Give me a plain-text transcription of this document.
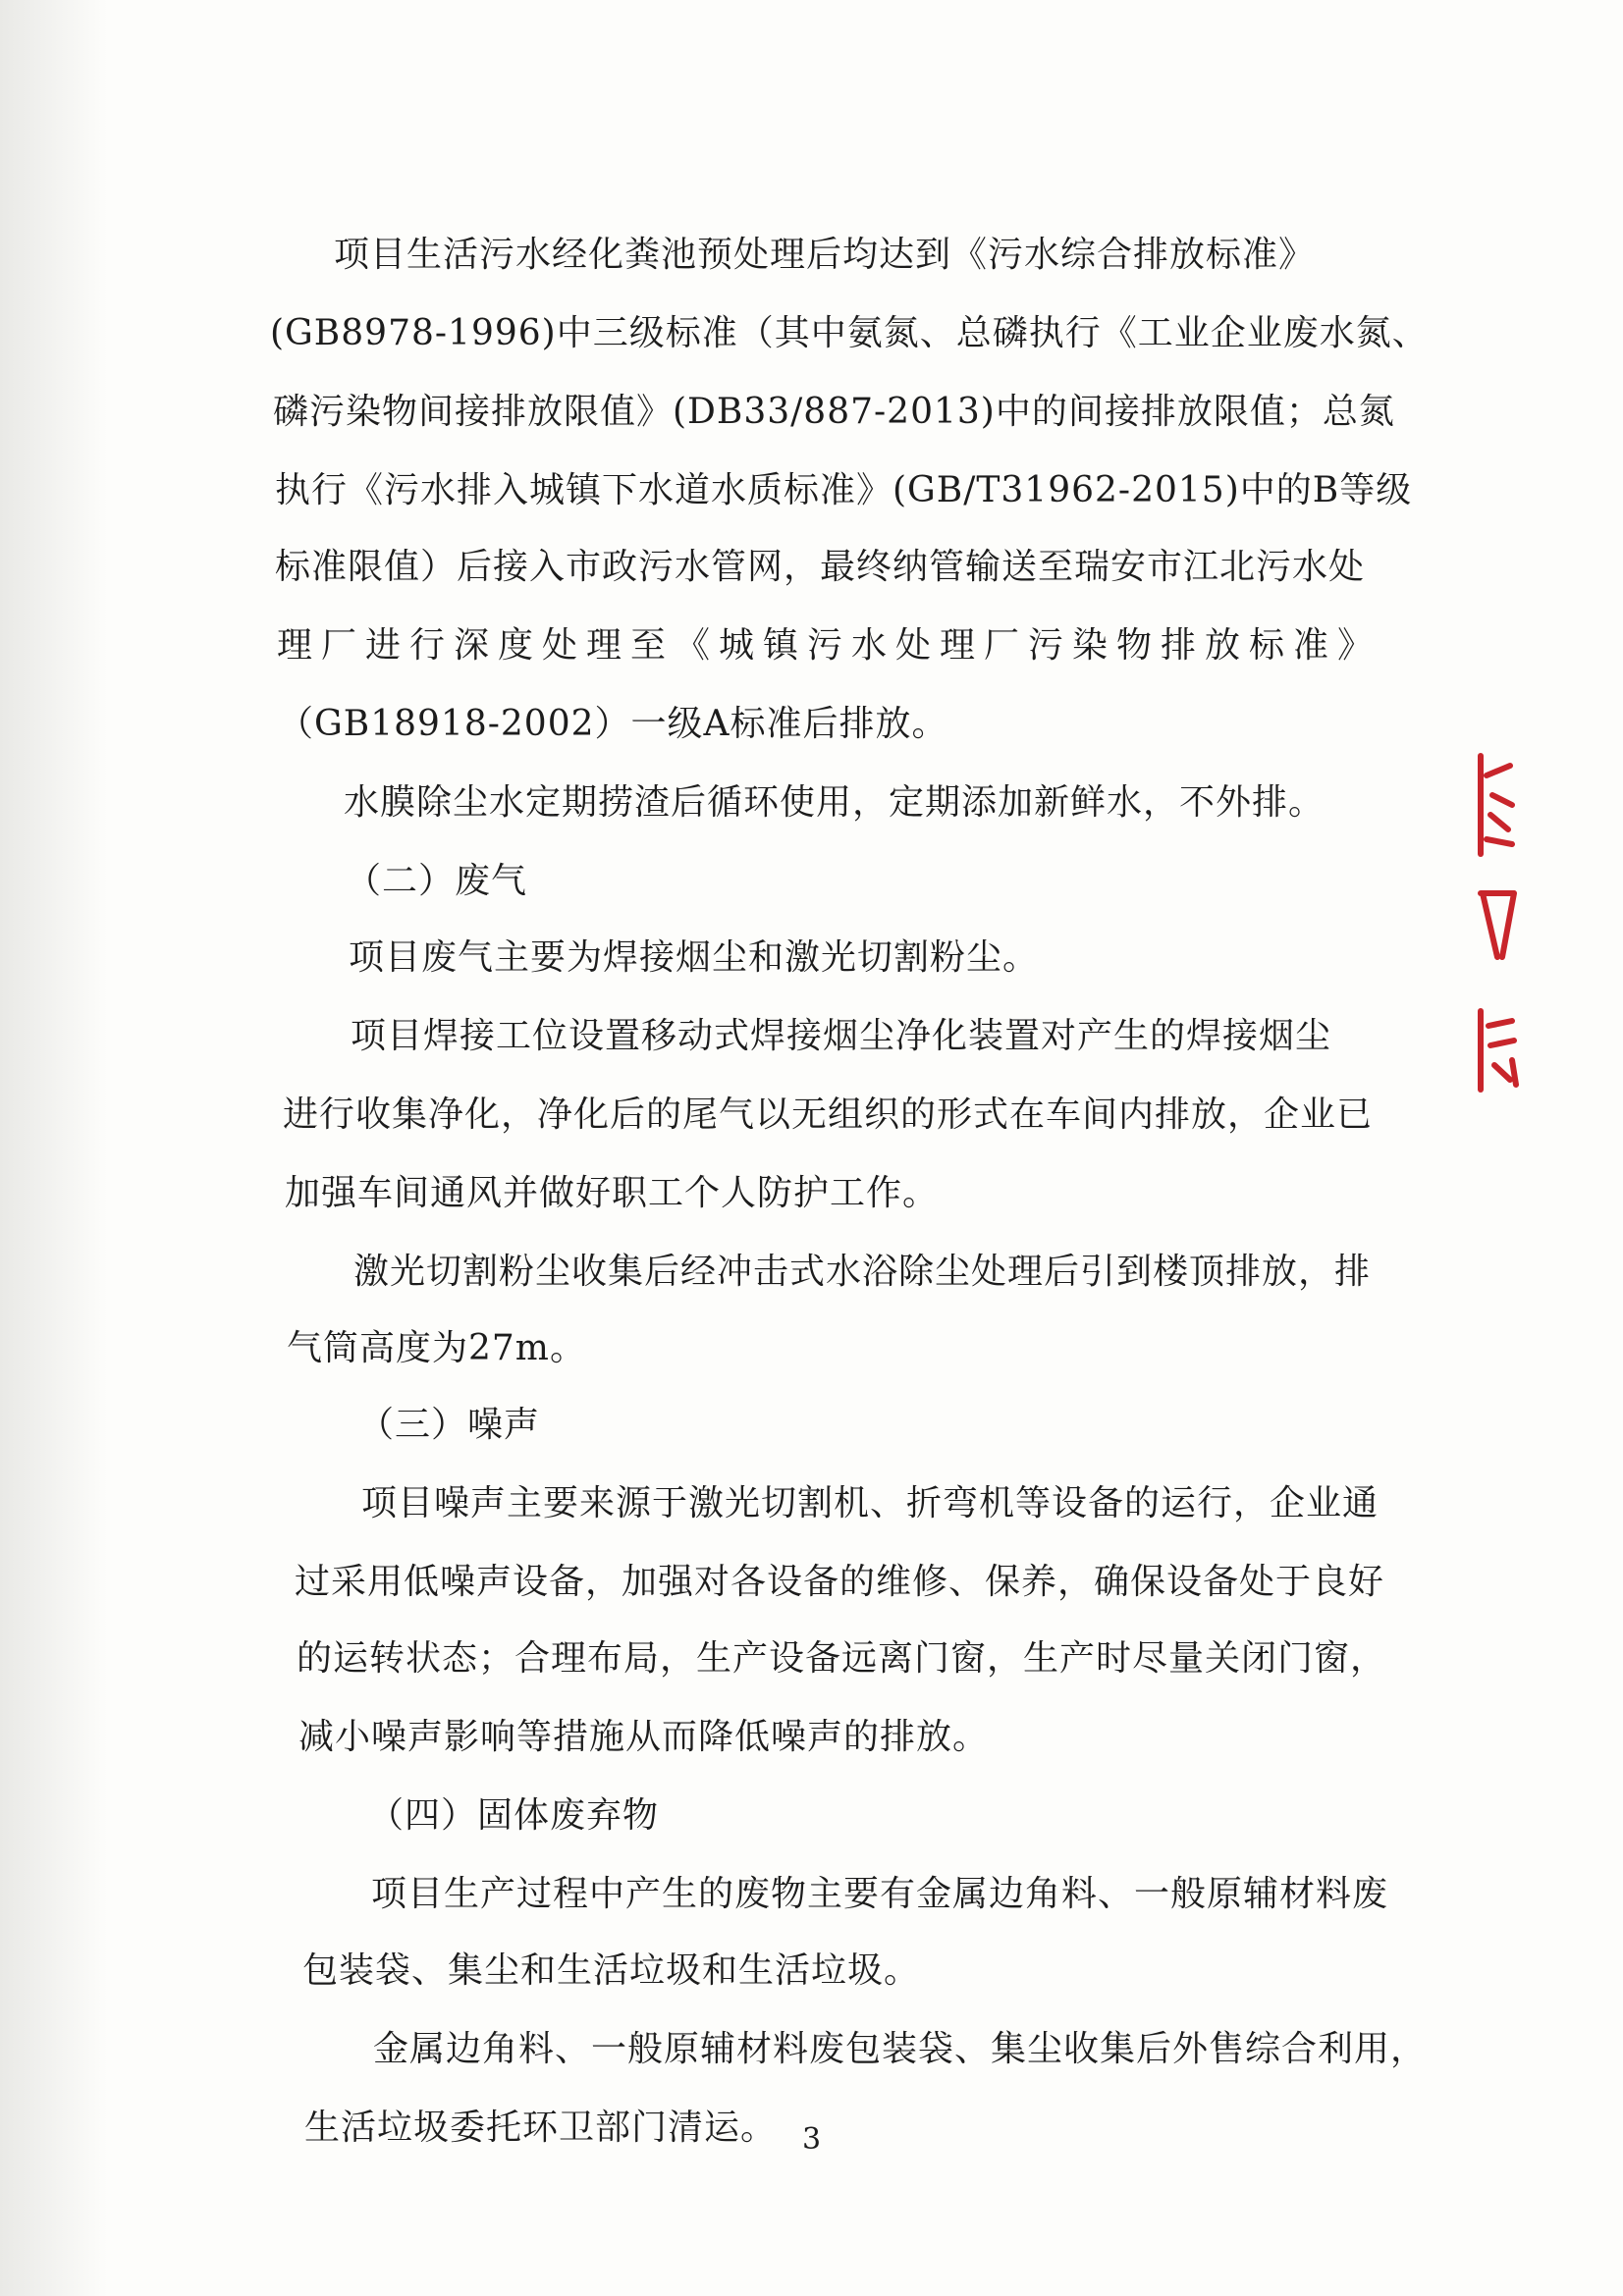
项目生活污水经化粪池预处理后均达到《污水综合排放标准》
(GB8978-1996)中三级标准（其中氨氮、总磷执行《工业企业废水氮、
磷污染物间接排放限值》(DB33/887-2013)中的间接排放限值；总氮
执行《污水排入城镇下水道水质标准》(GB/T31962-2015)中的B等级
标准限值）后接入市政污水管网，最终纳管输送至瑞安市江北污水处
理厂进行深度处理至《城镇污水处理厂污染物排放标准》
（GB18918-2002）一级A标准后排放。
水膜除尘水定期捞渣后循环使用，定期添加新鲜水，不外排。
（二）废气
项目废气主要为焊接烟尘和激光切割粉尘。
项目焊接工位设置移动式焊接烟尘净化装置对产生的焊接烟尘
进行收集净化，净化后的尾气以无组织的形式在车间内排放，企业已
加强车间通风并做好职工个人防护工作。
激光切割粉尘收集后经冲击式水浴除尘处理后引到楼顶排放，排
气筒高度为27m。
（三）噪声
项目噪声主要来源于激光切割机、折弯机等设备的运行，企业通
过采用低噪声设备，加强对各设备的维修、保养，确保设备处于良好
的运转状态；合理布局，生产设备远离门窗，生产时尽量关闭门窗，
减小噪声影响等措施从而降低噪声的排放。
（四）固体废弃物
项目生产过程中产生的废物主要有金属边角料、一般原辅材料废
包装袋、集尘和生活垃圾和生活垃圾。
金属边角料、一般原辅材料废包装袋、集尘收集后外售综合利用，
生活垃圾委托环卫部门清运。 3
